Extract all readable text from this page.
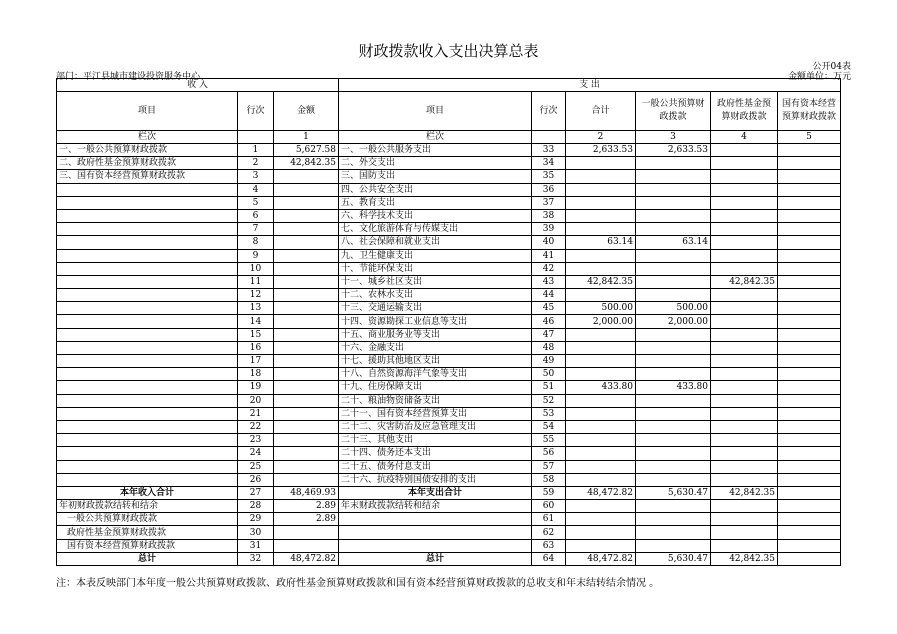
财政拨款收入支出决算总表
公开04表
部门：平江县城市建设投资服务中心	金额单位：万元
收 入			支 出					
项目	行次	金额	项目	行次	合计	一般公共预算财政拨款	政府性基金预算财政拨款	国有资本经营预算财政拨款
栏次		1	栏次		2	3	4	5
一、一般公共预算财政拨款	1	5,627.58	一、一般公共服务支出	33	2,633.53	2,633.53		
二、政府性基金预算财政拨款	2	42,842.35	二、外交支出	34				
三、国有资本经营预算财政拨款	3		三、国防支出	35				
	4		四、公共安全支出	36				
	5		五、教育支出	37				
	6		六、科学技术支出	38				
	7		七、文化旅游体育与传媒支出	39				
	8		八、社会保障和就业支出	40	63.14	63.14		
	9		九、卫生健康支出	41				
	10		十、节能环保支出	42				
	11		十一、城乡社区支出	43	42,842.35		42,842.35	
	12		十二、农林水支出	44				
	13		十三、交通运输支出	45	500.00	500.00		
	14		十四、资源勘探工业信息等支出	46	2,000.00	2,000.00		
	15		十五、商业服务业等支出	47				
	16		十六、金融支出	48				
	17		十七、援助其他地区支出	49				
	18		十八、自然资源海洋气象等支出	50				
	19		十九、住房保障支出	51	433.80	433.80		
	20		二十、粮油物资储备支出	52				
	21		二十一、国有资本经营预算支出	53				
	22		二十二、灾害防治及应急管理支出	54				
	23		二十三、其他支出	55				
	24		二十四、债务还本支出	56				
	25		二十五、债务付息支出	57				
	26		二十六、抗疫特别国债安排的支出	58				
本年收入合计	27	48,469.93	本年支出合计	59	48,472.82	5,630.47	42,842.35	
年初财政拨款结转和结余	28	2.89	年末财政拨款结转和结余	60				
一般公共预算财政拨款	29	2.89		61				
政府性基金预算财政拨款	30			62				
国有资本经营预算财政拨款	31			63				
总计	32	48,472.82	总计	64	48,472.82	5,630.47	42,842.35	
注：本表反映部门本年度一般公共预算财政拨款、政府性基金预算财政拨款和国有资本经营预算财政拨款的总收支和年末结转结余情况 。
